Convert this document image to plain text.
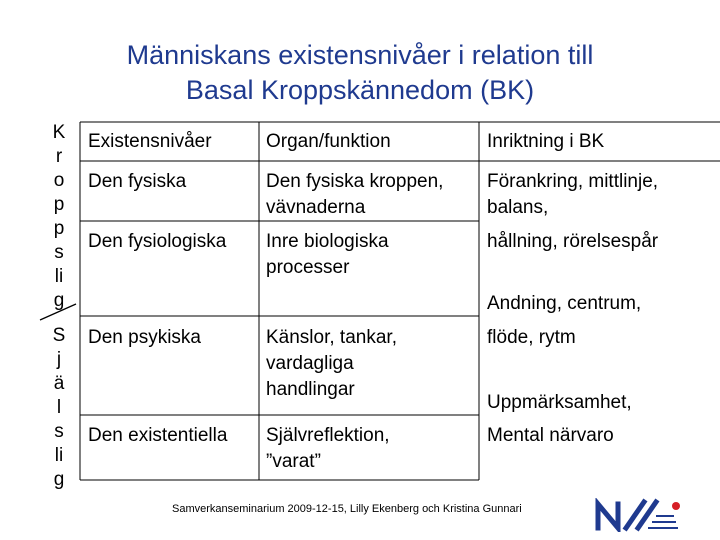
Människans existensnivåer i relation till
Basal Kroppskännedom (BK)
K
r
o
p
p
s
li
g
S
j
ä
l
s
li
g
Existensnivåer	Organ/funktion	Inriktning i BK
Den fysiska
Den fysiologiska
Den psykiska
Den existentiella
Den fysiska kroppen,
vävnaderna
Inre biologiska
processer
Känslor, tankar,
vardagliga
handlingar
Självreflektion,
”varat”
Förankring, mittlinje,
balans,
hållning, rörelsespår
Andning, centrum,
flöde, rytm
Uppmärksamhet,
Mental närvaro
Samverkanseminarium 2009-12-15, Lilly Ekenberg och Kristina Gunnari
